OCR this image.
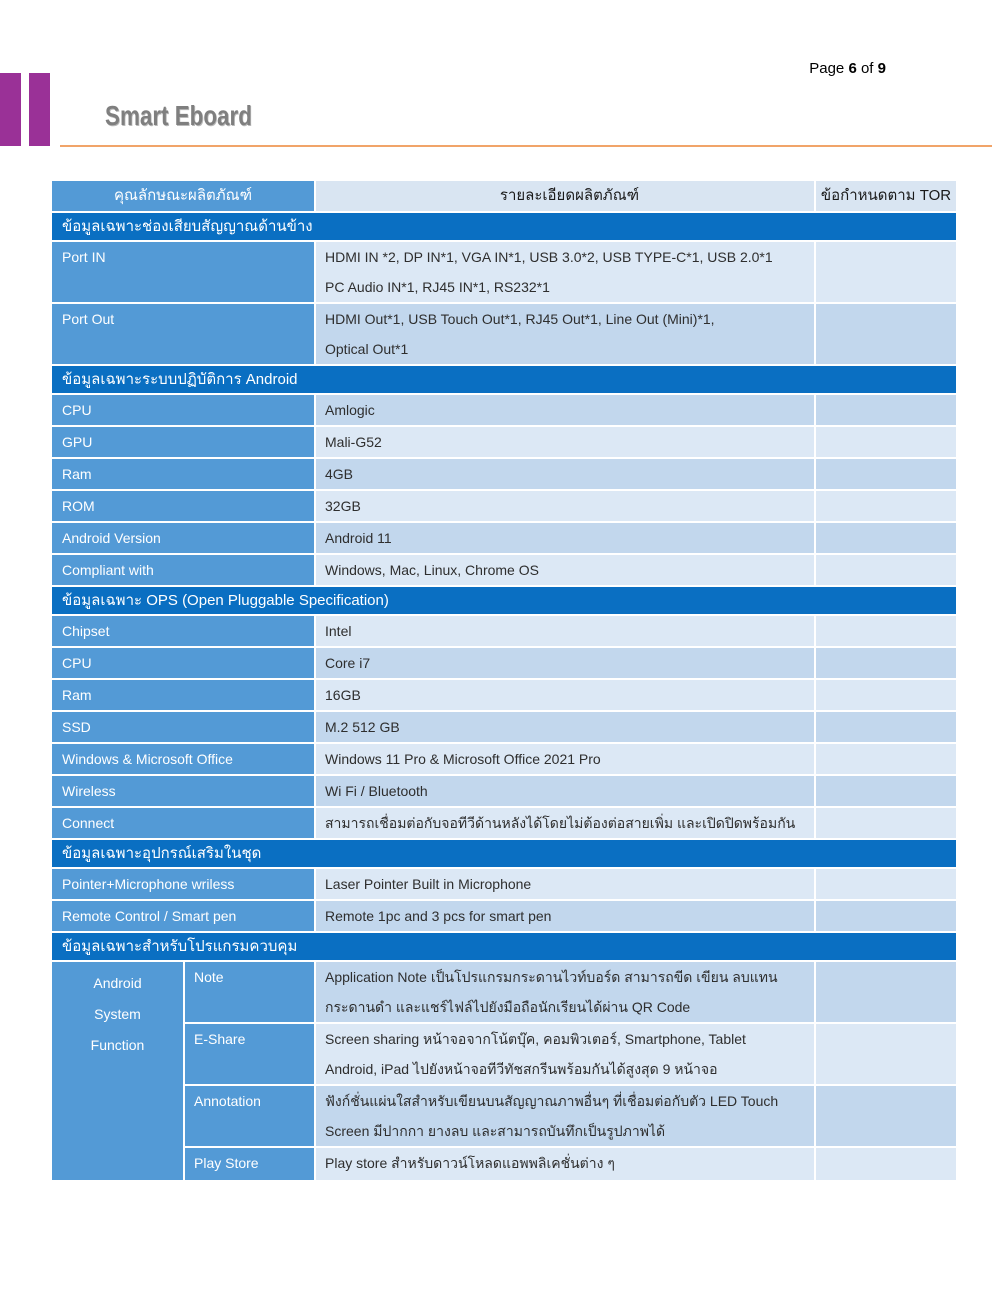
Page 6 of 9
Smart Eboard
คุณลักษณะผลิตภัณฑ์	รายละเอียดผลิตภัณฑ์	ข้อกำหนดตาม TOR
ข้อมูลเฉพาะช่องเสียบสัญญาณด้านข้าง
Port IN	HDMI IN *2, DP IN*1, VGA IN*1, USB 3.0*2, USB TYPE-C*1, USB 2.0*1
PC Audio IN*1, RJ45 IN*1, RS232*1
Port Out	HDMI Out*1, USB Touch Out*1, RJ45 Out*1, Line Out (Mini)*1,
Optical Out*1
ข้อมูลเฉพาะระบบปฏิบัติการ Android
CPU	Amlogic
GPU	Mali-G52
Ram	4GB
ROM	32GB
Android Version	Android 11
Compliant with	Windows, Mac, Linux, Chrome OS
ข้อมูลเฉพาะ OPS (Open Pluggable Specification)
Chipset	Intel
CPU	Core i7
Ram	16GB
SSD	M.2 512 GB
Windows & Microsoft Office	Windows 11 Pro & Microsoft Office 2021 Pro
Wireless	Wi Fi / Bluetooth
Connect	สามารถเชื่อมต่อกับจอทีวีด้านหลังได้โดยไม่ต้องต่อสายเพิ่ม และเปิดปิดพร้อมกัน
ข้อมูลเฉพาะอุปกรณ์เสริมในชุด
Pointer+Microphone wriless	Laser Pointer Built in Microphone
Remote Control / Smart pen	Remote 1pc and 3 pcs for smart pen
ข้อมูลเฉพาะสำหรับโปรแกรมควบคุม
Android
System
Function
Note	Application Note เป็นโปรแกรมกระดานไวท์บอร์ด สามารถขีด เขียน ลบแทน
กระดานดำ และแชร์ไฟล์ไปยังมือถือนักเรียนได้ผ่าน QR Code
E-Share	Screen sharing หน้าจอจากโน้ตบุ๊ค, คอมพิวเตอร์, Smartphone, Tablet
Android, iPad ไปยังหน้าจอทีวีทัชสกรีนพร้อมกันได้สูงสุด 9 หน้าจอ
Annotation	ฟังก์ชั่นแผ่นใสสำหรับเขียนบนสัญญาณภาพอื่นๆ ที่เชื่อมต่อกับตัว LED Touch
Screen มีปากกา ยางลบ และสามารถบันทึกเป็นรูปภาพได้
Play Store	Play store สำหรับดาวน์โหลดแอพพลิเคชั่นต่าง ๆ
